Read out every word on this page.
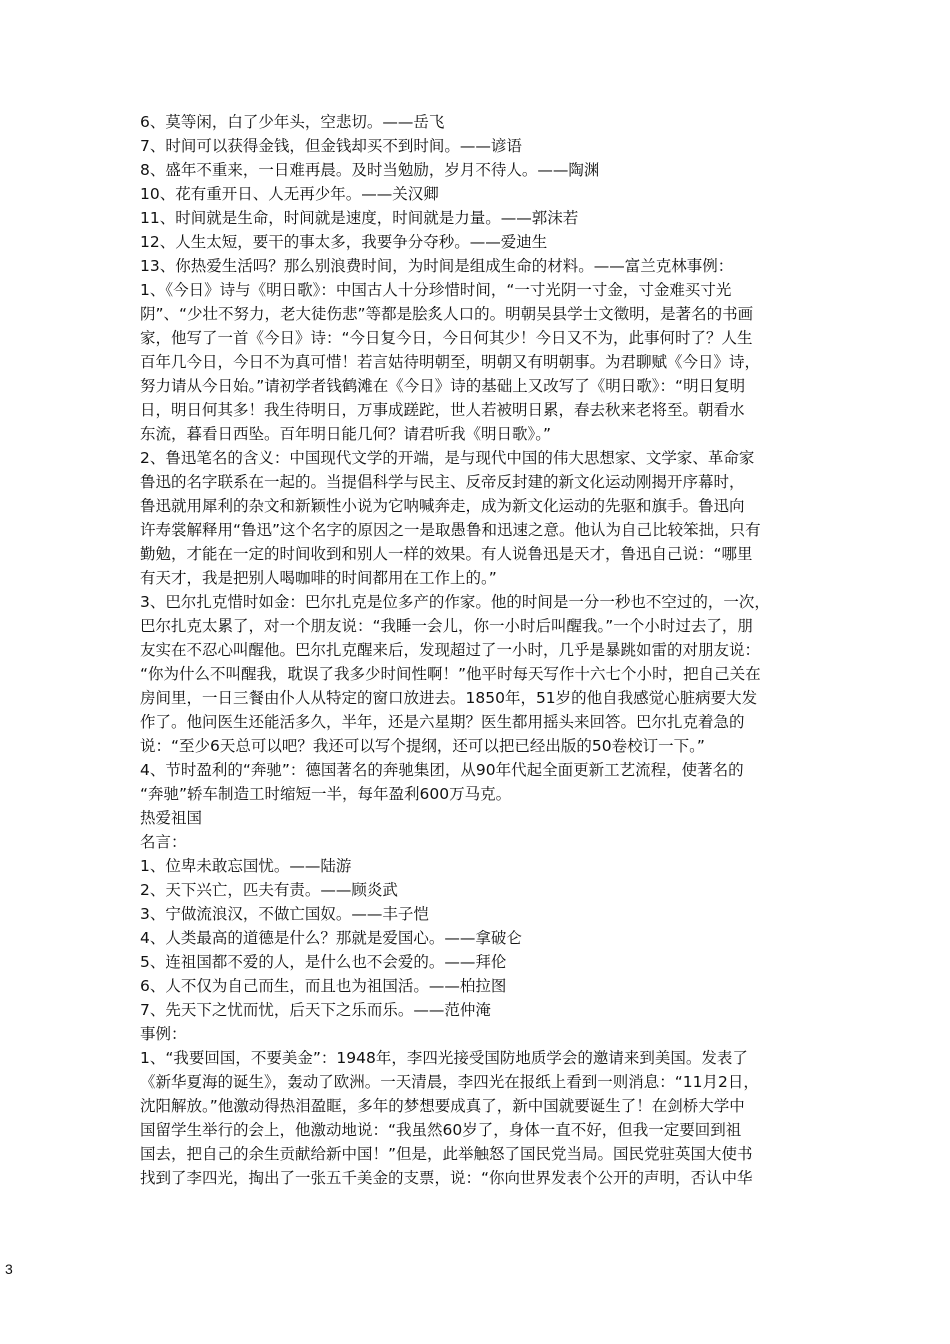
6、莫等闲，白了少年头，空悲切。——岳飞
7、时间可以获得金钱，但金钱却买不到时间。——谚语
8、盛年不重来，一日难再晨。及时当勉励，岁月不待人。——陶渊
10、花有重开日、人无再少年。——关汉卿
11、时间就是生命，时间就是速度，时间就是力量。——郭沫若
12、人生太短，要干的事太多，我要争分夺秒。——爱迪生
13、你热爱生活吗？那么别浪费时间，为时间是组成生命的材料。——富兰克林事例：
1、《今日》诗与《明日歌》：中国古人十分珍惜时间，“一寸光阴一寸金，寸金难买寸光
阴”、“少壮不努力，老大徒伤悲”等都是脍炙人口的。明朝吴县学士文徵明，是著名的书画
家，他写了一首《今日》诗：“今日复今日，今日何其少！今日又不为，此事何时了？人生
百年几今日，今日不为真可惜！若言姑待明朝至，明朝又有明朝事。为君聊赋《今日》诗，
努力请从今日始。”请初学者钱鹤滩在《今日》诗的基础上又改写了《明日歌》：“明日复明
日，明日何其多！我生待明日，万事成蹉跎，世人若被明日累，春去秋来老将至。朝看水
东流，暮看日西坠。百年明日能几何？请君听我《明日歌》。”
2、鲁迅笔名的含义：中国现代文学的开端，是与现代中国的伟大思想家、文学家、革命家
鲁迅的名字联系在一起的。当提倡科学与民主、反帝反封建的新文化运动刚揭开序幕时，
鲁迅就用犀利的杂文和新颖性小说为它呐喊奔走，成为新文化运动的先驱和旗手。鲁迅向
许寿裳解释用“鲁迅”这个名字的原因之一是取愚鲁和迅速之意。他认为自己比较笨拙，只有
勤勉，才能在一定的时间收到和别人一样的效果。有人说鲁迅是天才，鲁迅自己说：“哪里
有天才，我是把别人喝咖啡的时间都用在工作上的。”
3、巴尔扎克惜时如金：巴尔扎克是位多产的作家。他的时间是一分一秒也不空过的，一次，
巴尔扎克太累了，对一个朋友说：“我睡一会儿，你一小时后叫醒我。”一个小时过去了，朋
友实在不忍心叫醒他。巴尔扎克醒来后，发现超过了一小时，几乎是暴跳如雷的对朋友说：
“你为什么不叫醒我，耽误了我多少时间性啊！”他平时每天写作十六七个小时，把自己关在
房间里，一日三餐由仆人从特定的窗口放进去。1850年，51岁的他自我感觉心脏病要大发
作了。他问医生还能活多久，半年，还是六星期？医生都用摇头来回答。巴尔扎克着急的
说：“至少6天总可以吧？我还可以写个提纲，还可以把已经出版的50卷校订一下。”
4、节时盈利的“奔驰”：德国著名的奔驰集团，从90年代起全面更新工艺流程，使著名的
“奔驰”轿车制造工时缩短一半，每年盈利600万马克。
热爱祖国
名言：
1、位卑未敢忘国忧。——陆游
2、天下兴亡，匹夫有责。——顾炎武
3、宁做流浪汉，不做亡国奴。——丰子恺
4、人类最高的道德是什么？那就是爱国心。——拿破仑
5、连祖国都不爱的人，是什么也不会爱的。——拜伦
6、人不仅为自己而生，而且也为祖国活。——柏拉图
7、先天下之忧而忧，后天下之乐而乐。——范仲淹
事例：
1、“我要回国，不要美金”：1948年，李四光接受国防地质学会的邀请来到美国。发表了
《新华夏海的诞生》，轰动了欧洲。一天清晨，李四光在报纸上看到一则消息：“11月2日，
沈阳解放。”他激动得热泪盈眶，多年的梦想要成真了，新中国就要诞生了！在剑桥大学中
国留学生举行的会上，他激动地说：“我虽然60岁了，身体一直不好，但我一定要回到祖
国去，把自己的余生贡献给新中国！”但是，此举触怒了国民党当局。国民党驻英国大使书
找到了李四光，掏出了一张五千美金的支票，说：“你向世界发表个公开的声明，否认中华
3
